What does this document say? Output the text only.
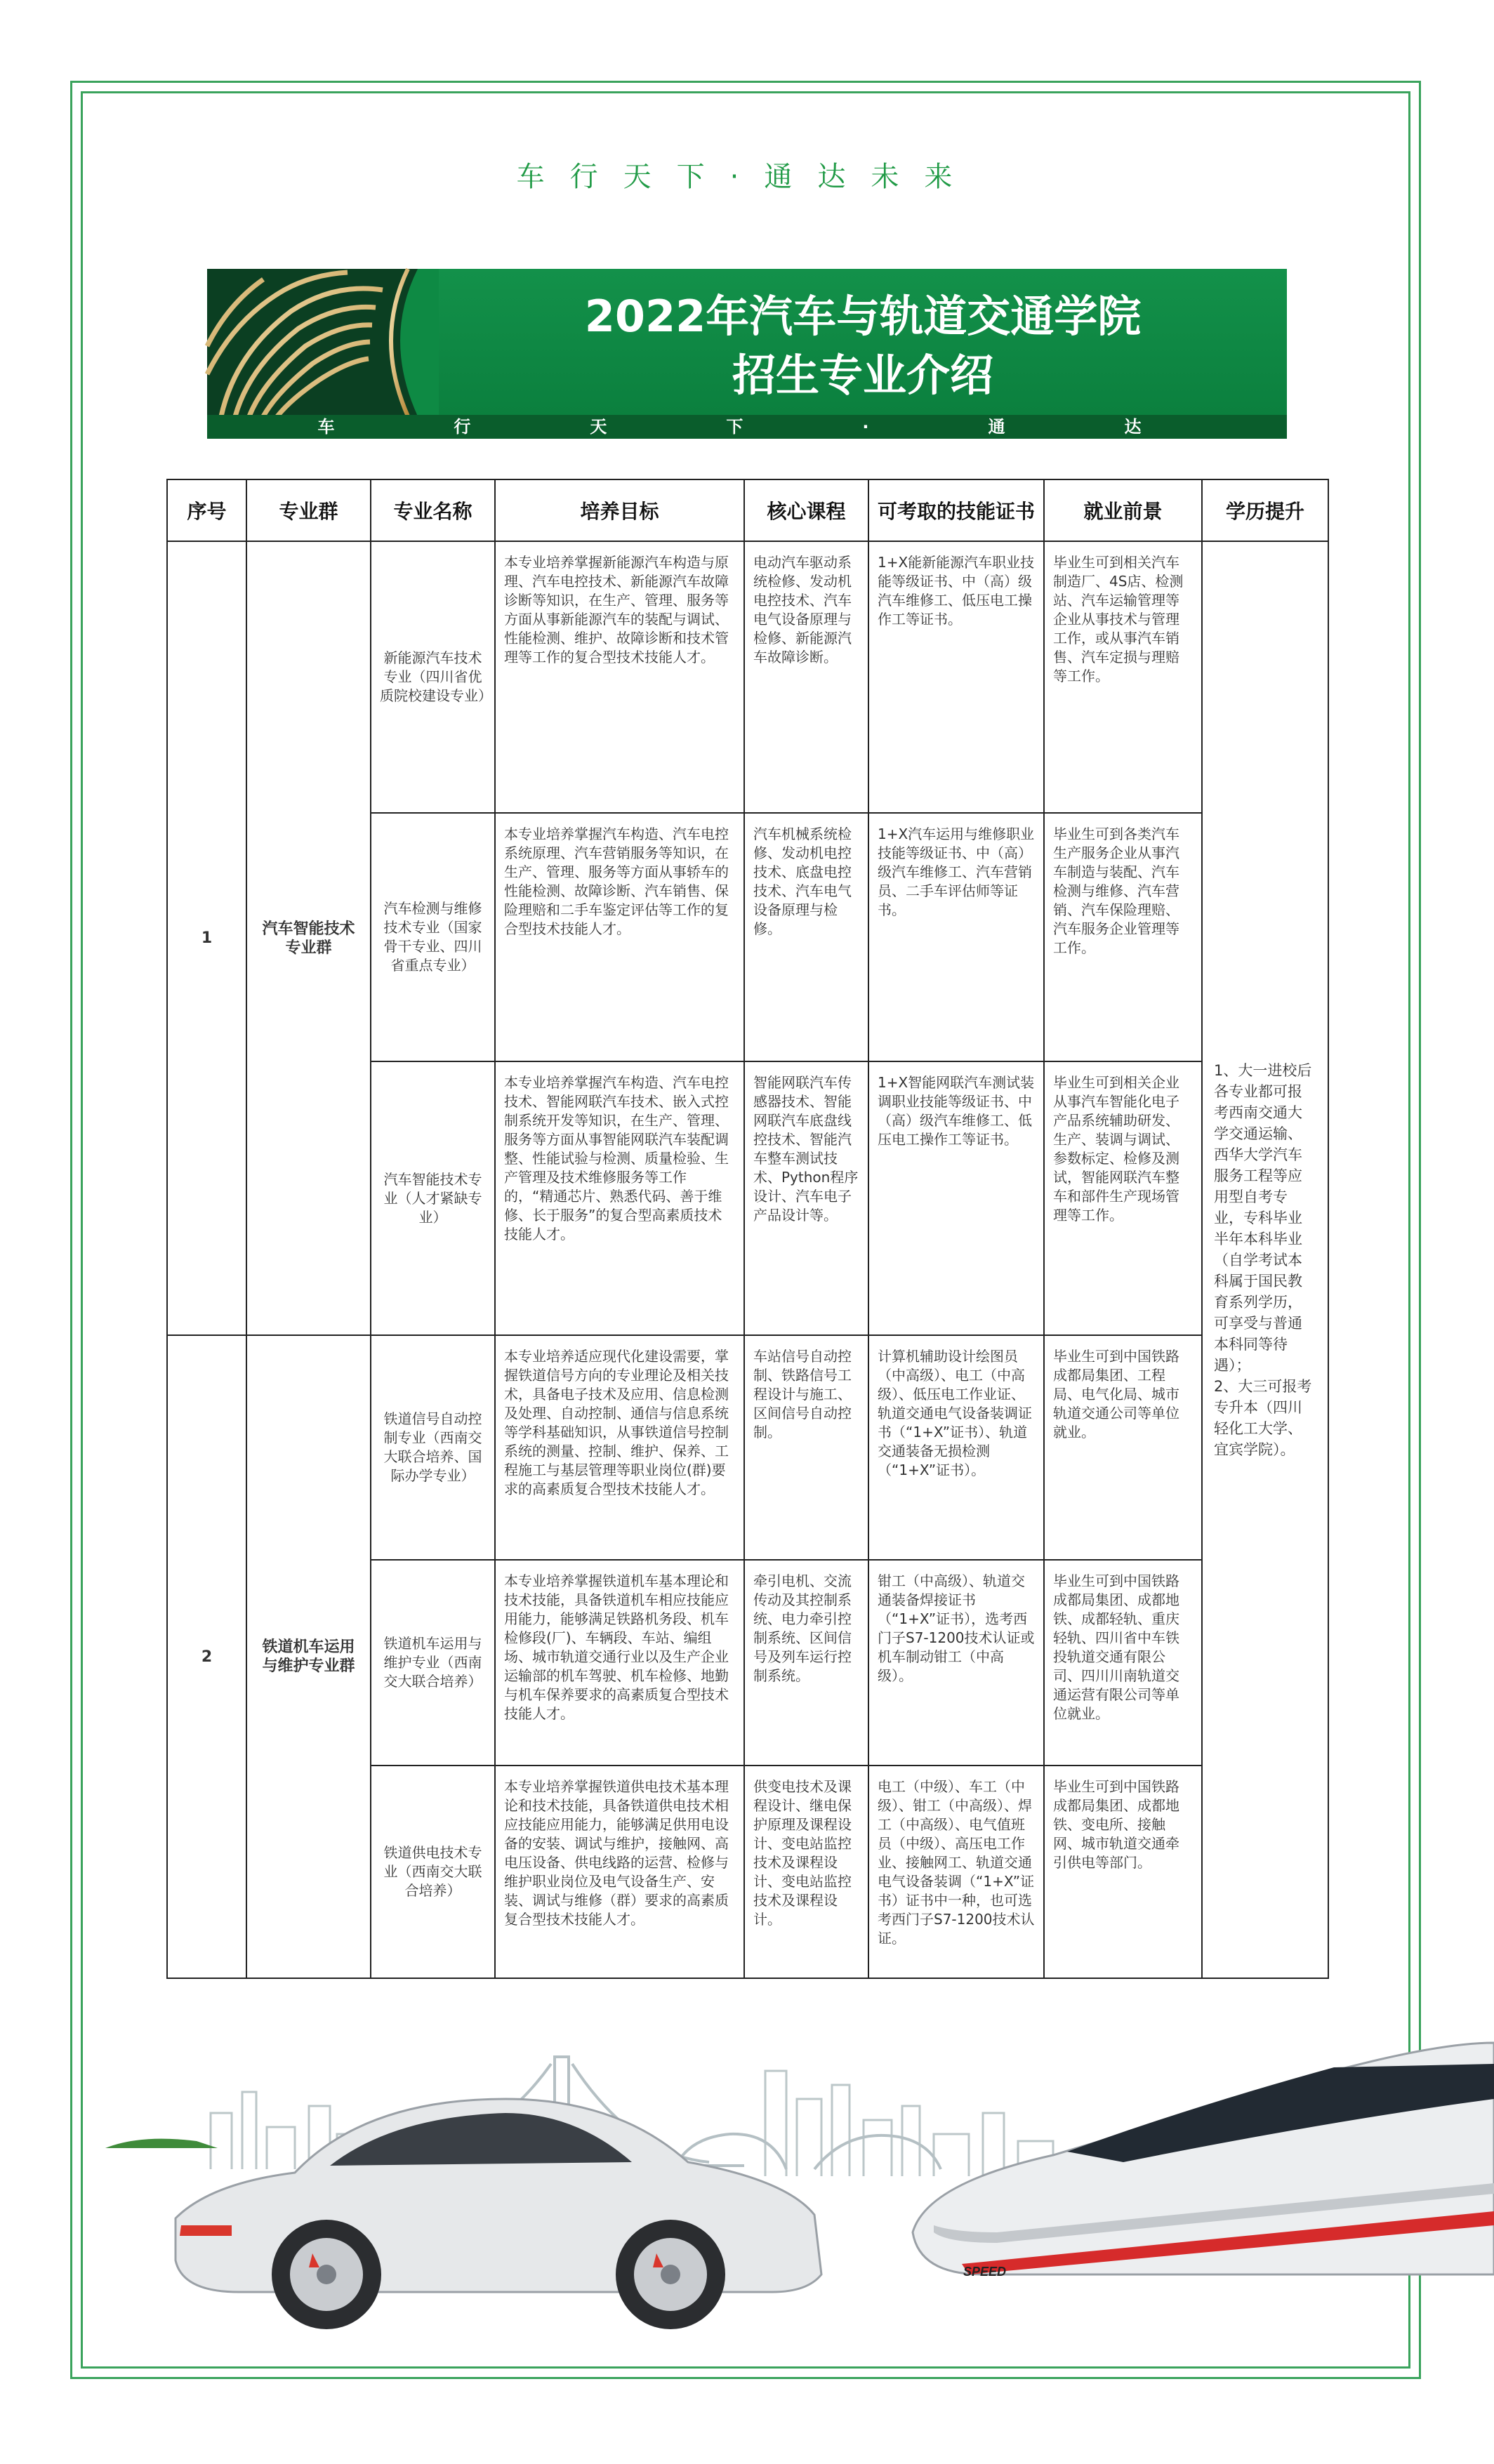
车行天下·通达未来
2022年汽车与轨道交通学院
招生专业介绍
车行天下·通达未来
序号	专业群	专业名称	培养目标	核心课程	可考取的技能证书	就业前景	学历提升
1	汽车智能技术专业群	新能源汽车技术专业（四川省优质院校建设专业）	本专业培养掌握新能源汽车构造与原理、汽车电控技术、新能源汽车故障诊断等知识，在生产、管理、服务等方面从事新能源汽车的装配与调试、性能检测、维护、故障诊断和技术管理等工作的复合型技术技能人才。	电动汽车驱动系统检修、发动机电控技术、汽车电气设备原理与检修、新能源汽车故障诊断。	1+X能新能源汽车职业技能等级证书、中（高）级汽车维修工、低压电工操作工等证书。	毕业生可到相关汽车制造厂、4S店、检测站、汽车运输管理等企业从事技术与管理工作，或从事汽车销售、汽车定损与理赔等工作。	1、大一进校后各专业都可报考西南交通大学交通运输、西华大学汽车服务工程等应用型自考专业，专科毕业半年本科毕业（自学考试本科属于国民教育系列学历，可享受与普通本科同等待遇）；
2、大三可报考专升本（四川轻化工大学、宜宾学院）。

		汽车检测与维修技术专业（国家骨干专业、四川省重点专业）	本专业培养掌握汽车构造、汽车电控系统原理、汽车营销服务等知识，在生产、管理、服务等方面从事轿车的性能检测、故障诊断、汽车销售、保险理赔和二手车鉴定评估等工作的复合型技术技能人才。	汽车机械系统检修、发动机电控技术、底盘电控技术、汽车电气设备原理与检修。	1+X汽车运用与维修职业技能等级证书、中（高）级汽车维修工、汽车营销员、二手车评估师等证书。	毕业生可到各类汽车生产服务企业从事汽车制造与装配、汽车检测与维修、汽车营销、汽车保险理赔、汽车服务企业管理等工作。	
		汽车智能技术专业（人才紧缺专业）	本专业培养掌握汽车构造、汽车电控技术、智能网联汽车技术、嵌入式控制系统开发等知识，在生产、管理、服务等方面从事智能网联汽车装配调整、性能试验与检测、质量检验、生产管理及技术维修服务等工作的，“精通芯片、熟悉代码、善于维修、长于服务”的复合型高素质技术技能人才。	智能网联汽车传感器技术、智能网联汽车底盘线控技术、智能汽车整车测试技术、Python程序设计、汽车电子产品设计等。	1+X智能网联汽车测试装调职业技能等级证书、中（高）级汽车维修工、低压电工操作工等证书。	毕业生可到相关企业从事汽车智能化电子产品系统辅助研发、生产、装调与调试、参数标定、检修及测试，智能网联汽车整车和部件生产现场管理等工作。	
2	铁道机车运用与维护专业群	铁道信号自动控制专业（西南交大联合培养、国际办学专业）	本专业培养适应现代化建设需要，掌握铁道信号方向的专业理论及相关技术，具备电子技术及应用、信息检测及处理、自动控制、通信与信息系统等学科基础知识，从事铁道信号控制系统的测量、控制、维护、保养、工程施工与基层管理等职业岗位(群)要求的高素质复合型技术技能人才。	车站信号自动控制、铁路信号工程设计与施工、区间信号自动控制。	计算机辅助设计绘图员（中高级）、电工（中高级）、低压电工作业证、轨道交通电气设备装调证书（“1+X”证书）、轨道交通装备无损检测（“1+X”证书）。	毕业生可到中国铁路成都局集团、工程局、电气化局、城市轨道交通公司等单位就业。	
		铁道机车运用与维护专业（西南交大联合培养）	本专业培养掌握铁道机车基本理论和技术技能，具备铁道机车相应技能应用能力，能够满足铁路机务段、机车检修段(厂)、车辆段、车站、编组场、城市轨道交通行业以及生产企业运输部的机车驾驶、机车检修、地勤与机车保养要求的高素质复合型技术技能人才。	牵引电机、交流传动及其控制系统、电力牵引控制系统、区间信号及列车运行控制系统。	钳工（中高级）、轨道交通装备焊接证书（“1+X”证书），选考西门子S7-1200技术认证或机车制动钳工（中高级）。	毕业生可到中国铁路成都局集团、成都地铁、成都轻轨、重庆轻轨、四川省中车铁投轨道交通有限公司、四川川南轨道交通运营有限公司等单位就业。	
		铁道供电技术专业（西南交大联合培养）	本专业培养掌握铁道供电技术基本理论和技术技能，具备铁道供电技术相应技能应用能力，能够满足供用电设备的安装、调试与维护，接触网、高电压设备、供电线路的运营、检修与维护职业岗位及电气设备生产、安装、调试与维修（群）要求的高素质复合型技术技能人才。	供变电技术及课程设计、继电保护原理及课程设计、变电站监控技术及课程设计、变电站监控技术及课程设计。	电工（中级）、车工（中级）、钳工（中高级）、焊工（中高级）、电气值班员（中级）、高压电工作业、接触网工、轨道交通电气设备装调（“1+X”证书）证书中一种，也可选考西门子S7-1200技术认证。	毕业生可到中国铁路成都局集团、成都地铁、变电所、接触网、城市轨道交通牵引供电等部门。	
SPEED
